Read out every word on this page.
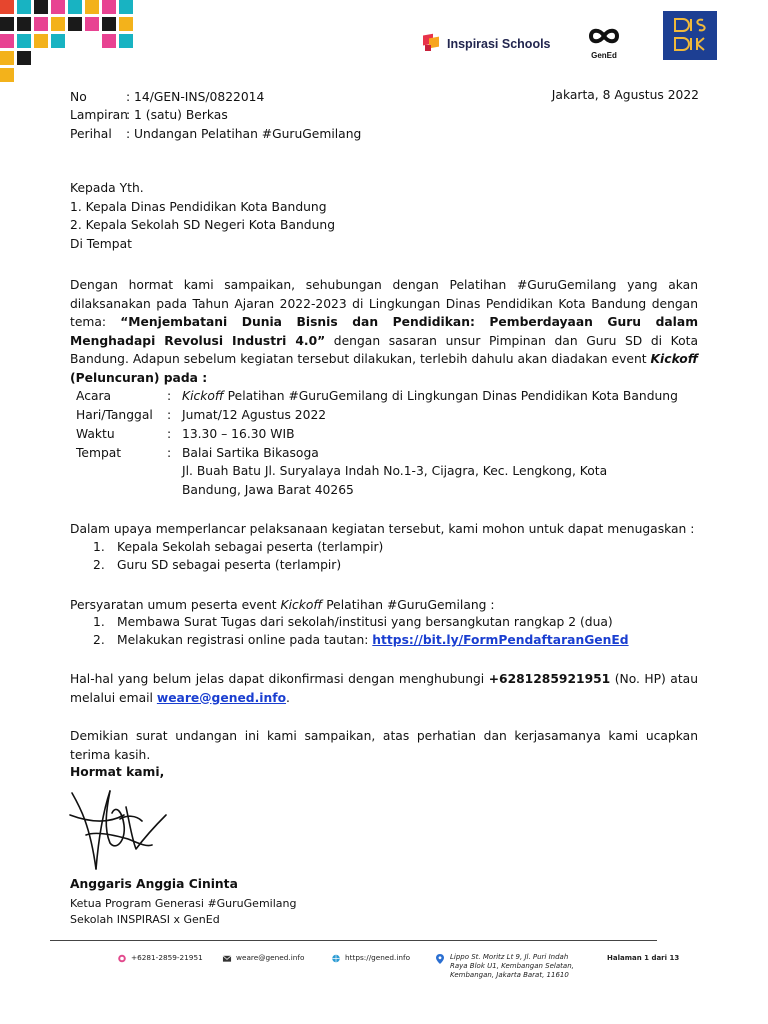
Inspirasi Schools
GenEd
No	: 14/GEN-INS/0822014
Lampiran: 1 (satu) Berkas
Perihal : Undangan Pelatihan #GuruGemilang
Jakarta, 8 Agustus 2022
Kepada Yth.
1. Kepala Dinas Pendidikan Kota Bandung
2. Kepala Sekolah SD Negeri Kota Bandung
Di Tempat
Dengan hormat kami sampaikan, sehubungan dengan Pelatihan #GuruGemilang yang akan dilaksanakan pada Tahun Ajaran 2022-2023 di Lingkungan Dinas Pendidikan Kota Bandung dengan tema: “Menjembatani Dunia Bisnis dan Pendidikan: Pemberdayaan Guru dalam Menghadapi Revolusi Industri 4.0” dengan sasaran unsur Pimpinan dan Guru SD di Kota Bandung. Adapun sebelum kegiatan tersebut dilakukan, terlebih dahulu akan diadakan event Kickoff (Peluncuran) pada :
Acara	: Kickoff Pelatihan #GuruGemilang di Lingkungan Dinas Pendidikan Kota Bandung
Hari/Tanggal : Jumat/12 Agustus 2022
Waktu	: 13.30 – 16.30 WIB
Tempat	: Balai Sartika Bikasoga
Jl. Buah Batu Jl. Suryalaya Indah No.1-3, Cijagra, Kec. Lengkong, Kota
Bandung, Jawa Barat 40265
Dalam upaya memperlancar pelaksanaan kegiatan tersebut, kami mohon untuk dapat menugaskan :
1. Kepala Sekolah sebagai peserta (terlampir)
2. Guru SD sebagai peserta (terlampir)
Persyaratan umum peserta event Kickoff Pelatihan #GuruGemilang :
1. Membawa Surat Tugas dari sekolah/institusi yang bersangkutan rangkap 2 (dua)
2. Melakukan registrasi online pada tautan: https://bit.ly/FormPendaftaranGenEd
Hal-hal yang belum jelas dapat dikonfirmasi dengan menghubungi +6281285921951 (No. HP) atau melalui email weare@gened.info.
Demikian surat undangan ini kami sampaikan, atas perhatian dan kerjasamanya kami ucapkan terima kasih.
Hormat kami,
Anggaris Anggia Cininta
Ketua Program Generasi #GuruGemilang
Sekolah INSPIRASI x GenEd
+6281-2859-21951	weare@gened.info	https://gened.info	Lippo St. Moritz Lt 9, Jl. Puri Indah
Raya Blok U1, Kembangan Selatan,
Kembangan, Jakarta Barat, 11610
Halaman 1 dari 13
